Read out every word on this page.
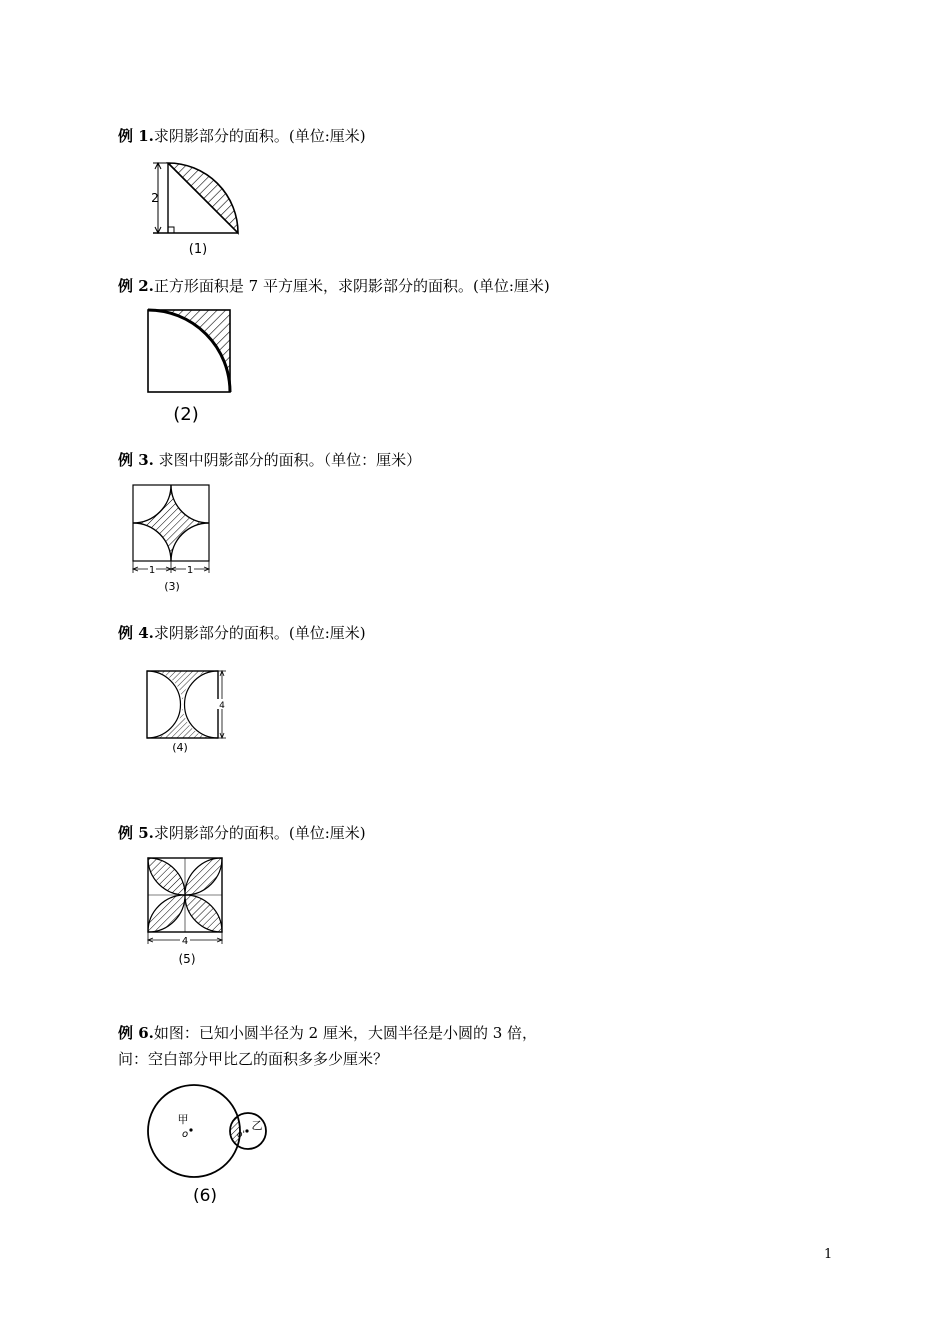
例 1.求阴影部分的面积。(单位:厘米)
2
(1)
例 2.正方形面积是 7 平方厘米，求阴影部分的面积。(单位:厘米)
(2)
例 3. 求图中阴影部分的面积。（单位：厘米）
1	1
(3)
例 4.求阴影部分的面积。(单位:厘米)
4
(4)
例 5.求阴影部分的面积。(单位:厘米)
4
(5)
例 6.如图：已知小圆半径为 2 厘米，大圆半径是小圆的 3 倍，
问：空白部分甲比乙的面积多多少厘米？
甲
o
乙
o'
(6)
1
